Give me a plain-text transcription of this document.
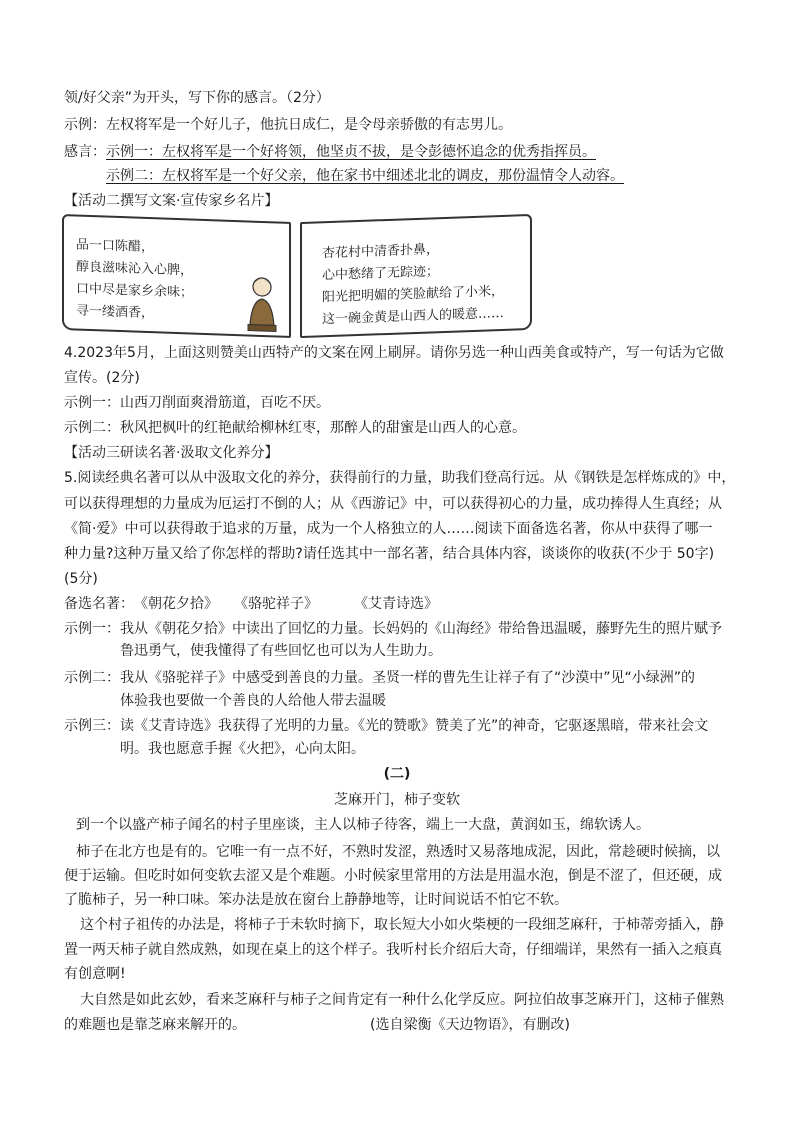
领/好父亲”为开头，写下你的感言。（2分）
示例：左权将军是一个好儿子，他抗日成仁，是令母亲骄傲的有志男儿。
感言：示例一：左权将军是一个好将领，他坚贞不拔，是令彭德怀追念的优秀指挥员。
示例二：左权将军是一个好父亲，他在家书中细述北北的调皮，那份温情令人动容。
【活动二撰写文案·宣传家乡名片】
品一口陈醋，
醇良滋味沁入心脾，
口中尽是家乡余味；
寻一缕酒香，
杏花村中清香扑鼻，
心中愁绪了无踪迹；
阳光把明媚的笑脸献给了小米，
这一碗金黄是山西人的暖意……
4.2023年5月，上面这则赞美山西特产的文案在网上刷屏。请你另选一种山西美食或特产，写一句话为它做
宣传。(2分)
示例一：山西刀削面爽滑筋道，百吃不厌。
示例二：秋风把枫叶的红艳献给柳林红枣，那醉人的甜蜜是山西人的心意。
【活动三研读名著·汲取文化养分】
5.阅读经典名著可以从中汲取文化的养分，获得前行的力量，助我们登高行远。从《钢铁是怎样炼成的》中，
可以获得理想的力量成为厄运打不倒的人；从《西游记》中，可以获得初心的力量，成功捧得人生真经；从
《简·爱》中可以获得敢于追求的万量，成为一个人格独立的人……阅读下面备选名著，你从中获得了哪一
种力量?这种万量又给了你怎样的帮助?请任选其中一部名著，结合具体内容，谈谈你的收获(不少于 50字)
(5分)
备选名著：《朝花夕拾》 《骆驼祥子》	《艾青诗选》
示例一：我从《朝花夕拾》中读出了回忆的力量。长妈妈的《山海经》带给鲁迅温暖，藤野先生的照片赋予
鲁迅勇气，使我懂得了有些回忆也可以为人生助力。
示例二：我从《骆驼祥子》中感受到善良的力量。圣贤一样的曹先生让祥子有了“沙漠中”见“小绿洲”的
体验我也要做一个善良的人给他人带去温暖
示例三：读《艾青诗选》我获得了光明的力量。《光的赞歌》赞美了光”的神奇，它驱逐黑暗，带来社会文
明。我也愿意手握《火把》，心向太阳。
(二)
芝麻开门，柿子变软
到一个以盛产柿子闻名的村子里座谈，主人以柿子待客，端上一大盘，黄润如玉，绵软诱人。
柿子在北方也是有的。它唯一有一点不好，不熟时发涩，熟透时又易落地成泥，因此，常趁硬时候摘，以
便于运输。但吃时如何变软去涩又是个难题。小时候家里常用的方法是用温水泡，倒是不涩了，但还硬，成
了脆柿子，另一种口味。笨办法是放在窗台上静静地等，让时间说话不怕它不软。
这个村子祖传的办法是，将柿子于未软时摘下，取长短大小如火柴梗的一段细芝麻秆，于柿蒂旁插入，静
置一两天柿子就自然成熟，如现在桌上的这个样子。我听村长介绍后大奇，仔细端详，果然有一插入之痕真
有创意啊!
大自然是如此玄妙，看来芝麻秆与柿子之间肯定有一种什么化学反应。阿拉伯故事芝麻开门，这柿子催熟
的难题也是靠芝麻来解开的。	(选自梁衡《天边物语》，有删改)
